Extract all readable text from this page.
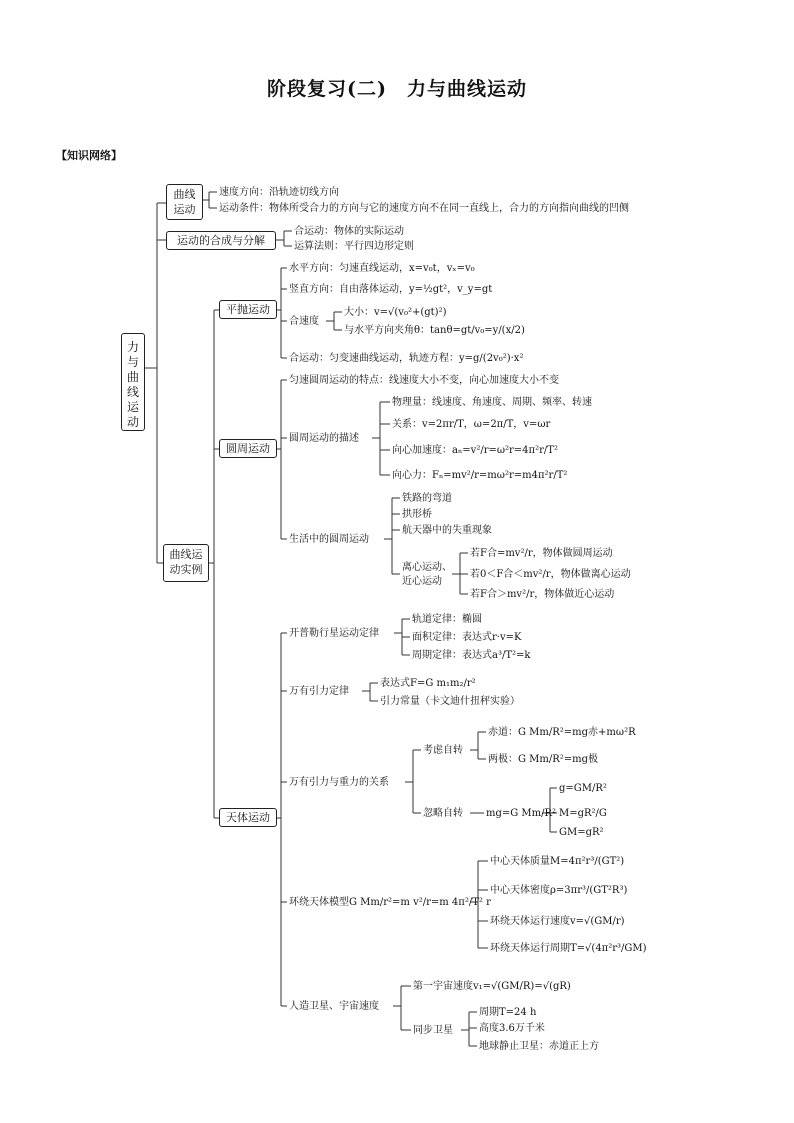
阶段复习(二)　力与曲线运动
【知识网络】
力与曲线运动
曲线运动
运动的合成与分解
曲线运动实例
平抛运动
圆周运动
天体运动
速度方向：沿轨迹切线方向
运动条件：物体所受合力的方向与它的速度方向不在同一直线上，合力的方向指向曲线的凹侧
合运动：物体的实际运动
运算法则：平行四边形定则
水平方向：匀速直线运动，x=v₀t，vₓ=v₀
竖直方向：自由落体运动，y=½gt²，v_y=gt
合速度
大小：v=√(v₀²+(gt)²)
与水平方向夹角θ：tanθ=gt/v₀=y/(x/2)
合运动：匀变速曲线运动，轨迹方程：y=g/(2v₀²)·x²
匀速圆周运动的特点：线速度大小不变，向心加速度大小不变
圆周运动的描述
物理量：线速度、角速度、周期、频率、转速
关系：v=2πr/T，ω=2π/T，v=ωr
向心加速度：aₙ=v²/r=ω²r=4π²r/T²
向心力：Fₙ=mv²/r=mω²r=m4π²r/T²
生活中的圆周运动
铁路的弯道
拱形桥
航天器中的失重现象
离心运动、
近心运动
若F合=mv²/r，物体做圆周运动
若0＜F合＜mv²/r，物体做离心运动
若F合＞mv²/r，物体做近心运动
开普勒行星运动定律
轨道定律：椭圆
面积定律：表达式r·v=K
周期定律：表达式a³/T²=k
万有引力定律
表达式F=G m₁m₂/r²
引力常量（卡文迪什扭秤实验）
万有引力与重力的关系
考虑自转
赤道：G Mm/R²=mg赤+mω²R
两极：G Mm/R²=mg极
忽略自转 mg=G Mm/R²
g=GM/R²
M=gR²/G
GM=gR²
环绕天体模型G Mm/r²=m v²/r=m 4π²/T² r
中心天体质量M=4π²r³/(GT²)
中心天体密度ρ=3πr³/(GT²R³)
环绕天体运行速度v=√(GM/r)
环绕天体运行周期T=√(4π²r³/GM)
人造卫星、宇宙速度
第一宇宙速度v₁=√(GM/R)=√(gR)
同步卫星
周期T=24 h
高度3.6万千米
地球静止卫星：赤道正上方
